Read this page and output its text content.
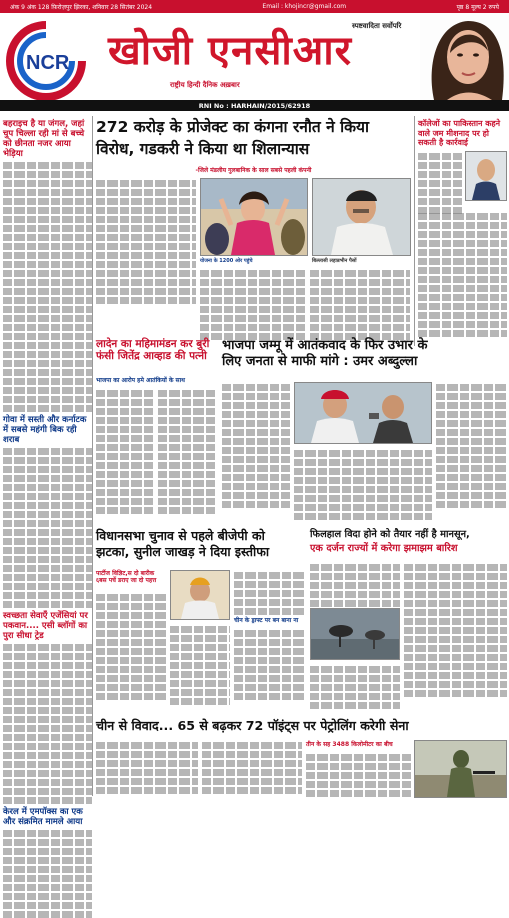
अंक 9 अंक 128 फ़िरोज़पुर झिरका, शनिवार 28 सितंबर 2024	Email : khojincr@gmail.com	पृष्ठ 8 मूल्य 2 रुपये
NCR
स्पष्टवादिता सर्वोपरि
खोजी एनसीआर
राष्ट्रीय हिन्दी दैनिक अख़बार
RNI No : HARHAIN/2015/62918
बहराइच है या जंगल, जहां चुप चिल्ला रही मां से बच्चे को छीनता नजर आया भेड़िया
गोवा में सस्ती और कर्नाटक में सबसे महंगी बिक रही शराब
स्वच्छता सेवाएँ एजेंसियां पर पकवान.... एसी ब्लॉगों का पुरा सीधा ट्रेड
केरल में एमपॉक्स का एक और संक्रमित मामले आया
272 करोड़ के प्रोजेक्ट का कंगना रनौत ने किया
विरोध, गडकरी ने किया था शिलान्यास
-जिले मंडलीय गुलबानिक के साल सबसे पहली कंपनी
योजना के 1200 ओर पहुंचे	बिल्लासी लहान्नभीन पैसों
कॉलेजों का पाकिस्तान कहने वाले जम मीशनाद पर हो सकती है कार्रवाई
लादेन का महिमामंडन कर बुरी फंसी जितेंद्र आव्हाड की पत्नी
भाजपा का आरोप हमे आतंकियों के साथ
भाजपा जम्मू में आतंकवाद के फिर उभार के
लिए जनता से माफी मांगे : उमर अब्दुल्ला
विधानसभा चुनाव से पहले बीजेपी को
झटका, सुनील जाखड़ ने दिया इस्तीफा
पार्टीज विज्ञिट,स दो बारीक ६बस पर्चे डराए जा दो पहत्त
चीन के ड्राफ्ट पर बन बाना ना
फिलहाल विदा होने को तैयार नहीं है मानसून,
एक दर्जन राज्यों में करेगा झमाझम बारिश
चीन से विवाद... 65 से बढ़कर 72 पॉइंट्स पर पेट्रोलिंग करेगी सेना
तीन के सह 3488 किलोमीटर का बीच
